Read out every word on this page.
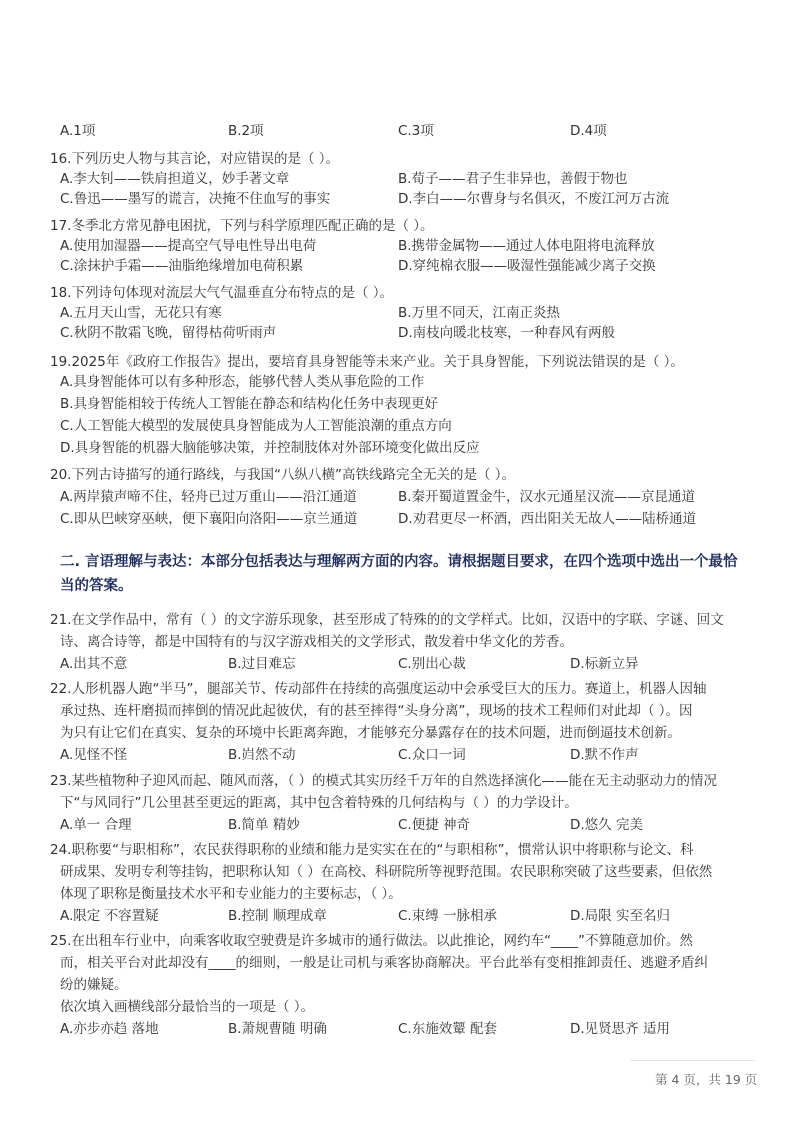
A.1项	B.2项	C.3项	D.4项
16.下列历史人物与其言论，对应错误的是（ ）。
A.李大钊——铁肩担道义，妙手著文章	B.荀子——君子生非异也，善假于物也
C.鲁迅——墨写的谎言，决掩不住血写的事实	D.李白——尔曹身与名俱灭，不废江河万古流
17.冬季北方常见静电困扰，下列与科学原理匹配正确的是（ ）。
A.使用加湿器——提高空气导电性导出电荷	B.携带金属物——通过人体电阻将电流释放
C.涂抹护手霜——油脂绝缘增加电荷积累	D.穿纯棉衣服——吸湿性强能减少离子交换
18.下列诗句体现对流层大气气温垂直分布特点的是（ ）。
A.五月天山雪，无花只有寒	B.万里不同天，江南正炎热
C.秋阴不散霜飞晚，留得枯荷听雨声	D.南枝向暖北枝寒，一种春风有两般
19.2025年《政府工作报告》提出，要培育具身智能等未来产业。关于具身智能，下列说法错误的是（ ）。
A.具身智能体可以有多种形态，能够代替人类从事危险的工作
B.具身智能相较于传统人工智能在静态和结构化任务中表现更好
C.人工智能大模型的发展使具身智能成为人工智能浪潮的重点方向
D.具身智能的机器大脑能够决策，并控制肢体对外部环境变化做出反应
20.下列古诗描写的通行路线，与我国“八纵八横”高铁线路完全无关的是（ ）。
A.两岸猿声啼不住，轻舟已过万重山——沿江通道	B.秦开蜀道置金牛，汉水元通星汉流——京昆通道
C.即从巴峡穿巫峡，便下襄阳向洛阳——京兰通道	D.劝君更尽一杯酒，西出阳关无故人——陆桥通道
二. 言语理解与表达：本部分包括表达与理解两方面的内容。请根据题目要求，在四个选项中选出一个最恰当的答案。
21.在文学作品中，常有（ ）的文字游乐现象，甚至形成了特殊的的文学样式。比如，汉语中的字联、字谜、回文
诗、离合诗等，都是中国特有的与汉字游戏相关的文学形式，散发着中华文化的芳香。
A.出其不意	B.过目难忘	C.别出心裁	D.标新立异
22.人形机器人跑“半马”，腿部关节、传动部件在持续的高强度运动中会承受巨大的压力。赛道上，机器人因轴
承过热、连杆磨损而摔倒的情况此起彼伏，有的甚至摔得“头身分离”，现场的技术工程师们对此却（ ）。因
为只有让它们在真实、复杂的环境中长距离奔跑，才能够充分暴露存在的技术问题，进而倒逼技术创新。
A.见怪不怪	B.岿然不动	C.众口一词	D.默不作声
23.某些植物种子迎风而起、随风而落，（ ）的模式其实历经千万年的自然选择演化——能在无主动驱动力的情况
下“与风同行”几公里甚至更远的距离，其中包含着特殊的几何结构与（ ）的力学设计。
A.单一 合理	B.简单 精妙	C.便捷 神奇	D.悠久 完美
24.职称要“与职相称”，农民获得职称的业绩和能力是实实在在的“与职相称”，惯常认识中将职称与论文、科
研成果、发明专利等挂钩，把职称认知（ ）在高校、科研院所等视野范围。农民职称突破了这些要素，但依然
体现了职称是衡量技术水平和专业能力的主要标志，（ ）。
A.限定 不容置疑	B.控制 顺理成章	C.束缚 一脉相承	D.局限 实至名归
25.在出租车行业中，向乘客收取空驶费是许多城市的通行做法。以此推论，网约车“____”不算随意加价。然
而，相关平台对此却没有____的细则，一般是让司机与乘客协商解决。平台此举有变相推卸责任、逃避矛盾纠
纷的嫌疑。
依次填入画横线部分最恰当的一项是（ ）。
A.亦步亦趋 落地	B.萧规曹随 明确	C.东施效颦 配套	D.见贤思齐 适用
第 4 页，共 19 页
